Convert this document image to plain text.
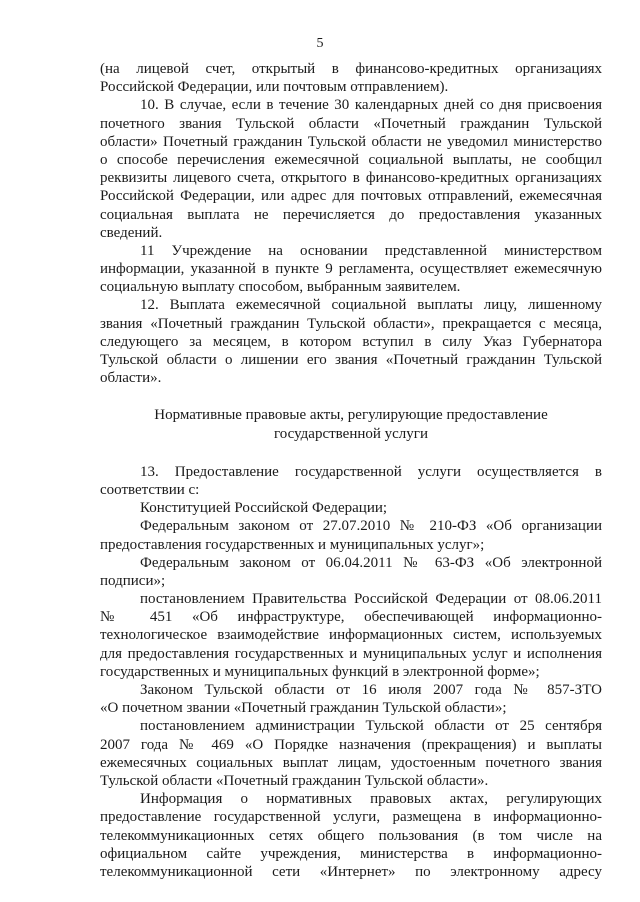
5
(на лицевой счет, открытый в финансово-кредитных организациях
Российской Федерации, или почтовым отправлением).
10. В случае, если в течение 30 календарных дней со дня присвоения
почетного звания Тульской области «Почетный гражданин Тульской
области» Почетный гражданин Тульской области не уведомил министерство
о способе перечисления ежемесячной социальной выплаты, не сообщил
реквизиты лицевого счета, открытого в финансово-кредитных организациях
Российской Федерации, или адрес для почтовых отправлений, ежемесячная
социальная выплата не перечисляется до предоставления указанных
сведений.
11 Учреждение на основании представленной министерством
информации, указанной в пункте 9 регламента, осуществляет ежемесячную
социальную выплату способом, выбранным заявителем.
12. Выплата ежемесячной социальной выплаты лицу, лишенному
звания «Почетный гражданин Тульской области», прекращается с месяца,
следующего за месяцем, в котором вступил в силу Указ Губернатора
Тульской области о лишении его звания «Почетный гражданин Тульской
области».
Нормативные правовые акты, регулирующие предоставление
государственной услуги
13. Предоставление государственной услуги осуществляется в
соответствии с:
Конституцией Российской Федерации;
Федеральным законом от 27.07.2010 № 210-ФЗ «Об организации
предоставления государственных и муниципальных услуг»;
Федеральным законом от 06.04.2011 № 63-ФЗ «Об электронной
подписи»;
постановлением Правительства Российской Федерации от 08.06.2011
№ 451 «Об инфраструктуре, обеспечивающей информационно-
технологическое взаимодействие информационных систем, используемых
для предоставления государственных и муниципальных услуг и исполнения
государственных и муниципальных функций в электронной форме»;
Законом Тульской области от 16 июля 2007 года № 857-ЗТО
«О почетном звании «Почетный гражданин Тульской области»;
постановлением администрации Тульской области от 25 сентября
2007 года № 469 «О Порядке назначения (прекращения) и выплаты
ежемесячных социальных выплат лицам, удостоенным почетного звания
Тульской области «Почетный гражданин Тульской области».
Информация о нормативных правовых актах, регулирующих
предоставление государственной услуги, размещена в информационно-
телекоммуникационных сетях общего пользования (в том числе на
официальном сайте учреждения, министерства в информационно-
телекоммуникационной сети «Интернет» по электронному адресу
